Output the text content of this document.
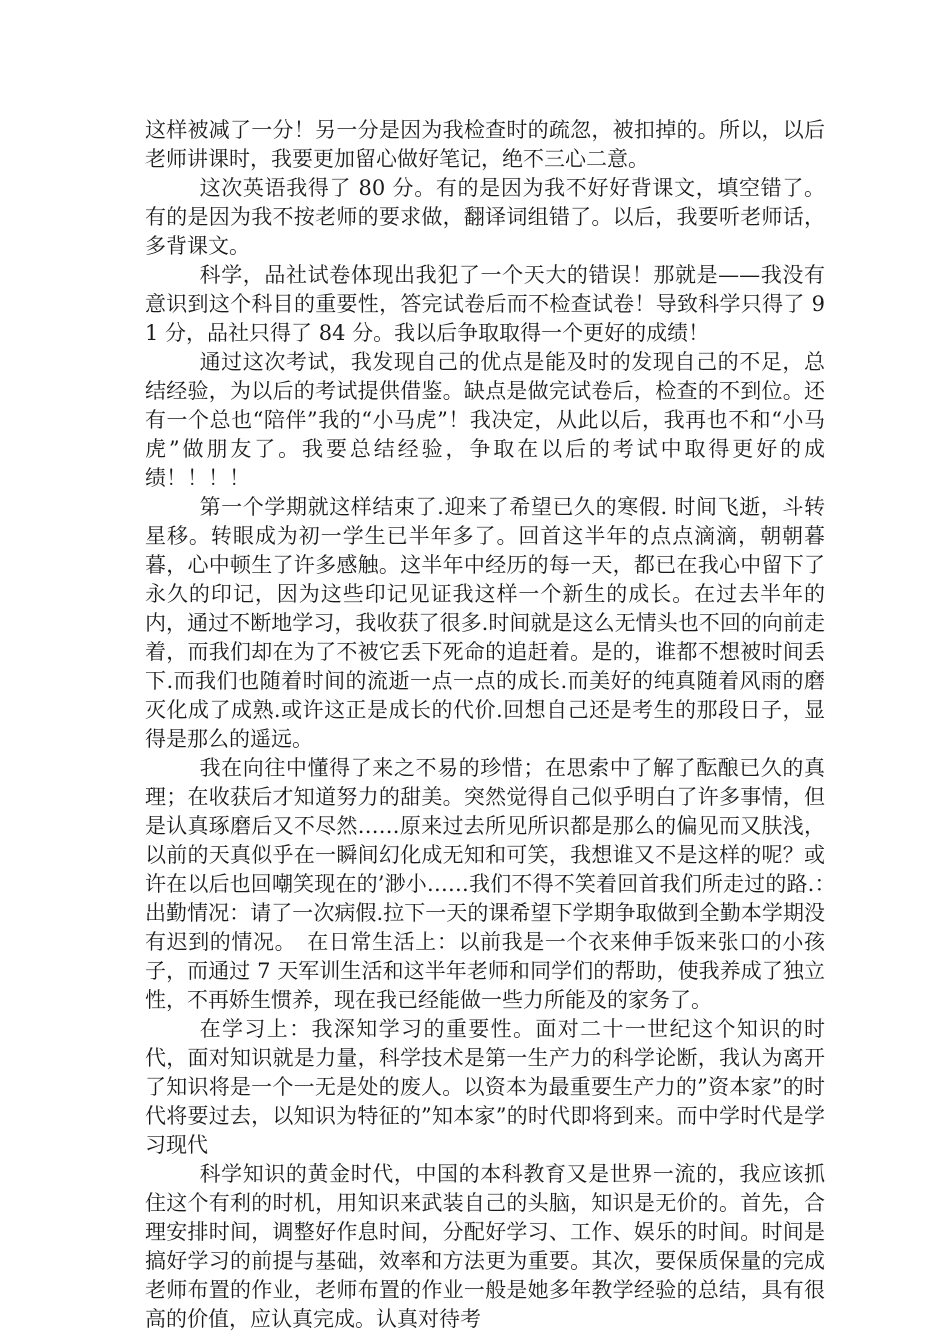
这样被减了一分！另一分是因为我检查时的疏忽，被扣掉的。所以，以后老师讲课时，我要更加留心做好笔记，绝不三心二意。

这次英语我得了 80 分。有的是因为我不好好背课文，填空错了。有的是因为我不按老师的要求做，翻译词组错了。以后，我要听老师话，多背课文。

科学，品社试卷体现出我犯了一个天大的错误！那就是——我没有意识到这个科目的重要性，答完试卷后而不检查试卷！导致科学只得了 91 分，品社只得了 84 分。我以后争取取得一个更好的成绩！

通过这次考试，我发现自己的优点是能及时的发现自己的不足，总结经验，为以后的考试提供借鉴。缺点是做完试卷后，检查的不到位。还有一个总也“陪伴”我的“小马虎”！我决定，从此以后，我再也不和“小马虎”做朋友了。我要总结经验，争取在以后的考试中取得更好的成绩！！！！

第一个学期就这样结束了.迎来了希望已久的寒假. 时间飞逝，斗转星移。转眼成为初一学生已半年多了。回首这半年的点点滴滴，朝朝暮暮，心中顿生了许多感触。这半年中经历的每一天，都已在我心中留下了永久的印记，因为这些印记见证我这样一个新生的成长。在过去半年的内，通过不断地学习，我收获了很多.时间就是这么无情头也不回的向前走着，而我们却在为了不被它丢下死命的追赶着。是的，谁都不想被时间丢下.而我们也随着时间的流逝一点一点的成长.而美好的纯真随着风雨的磨灭化成了成熟.或许这正是成长的代价.回想自己还是考生的那段日子，显得是那么的遥远。

我在向往中懂得了来之不易的珍惜；在思索中了解了酝酿已久的真理；在收获后才知道努力的甜美。突然觉得自己似乎明白了许多事情，但是认真琢磨后又不尽然……原来过去所见所识都是那么的偏见而又肤浅，以前的天真似乎在一瞬间幻化成无知和可笑，我想谁又不是这样的呢？或许在以后也回嘲笑现在的’渺小……我们不得不笑着回首我们所走过的路.：　出勤情况：请了一次病假.拉下一天的课希望下学期争取做到全勤本学期没有迟到的情况。　在日常生活上：以前我是一个衣来伸手饭来张口的小孩子，而通过 7 天军训生活和这半年老师和同学们的帮助，使我养成了独立性，不再娇生惯养，现在我已经能做一些力所能及的家务了。

在学习上：我深知学习的重要性。面对二十一世纪这个知识的时代，面对知识就是力量，科学技术是第一生产力的科学论断，我认为离开了知识将是一个一无是处的废人。以资本为最重要生产力的”资本家”的时代将要过去，以知识为特征的”知本家”的时代即将到来。而中学时代是学习现代

科学知识的黄金时代，中国的本科教育又是世界一流的，我应该抓住这个有利的时机，用知识来武装自己的头脑，知识是无价的。首先，合理安排时间，调整好作息时间，分配好学习、工作、娱乐的时间。时间是搞好学习的前提与基础，效率和方法更为重要。其次，要保质保量的完成老师布置的作业，老师布置的作业一般是她多年教学经验的总结，具有很高的价值，应认真完成。认真对待考
